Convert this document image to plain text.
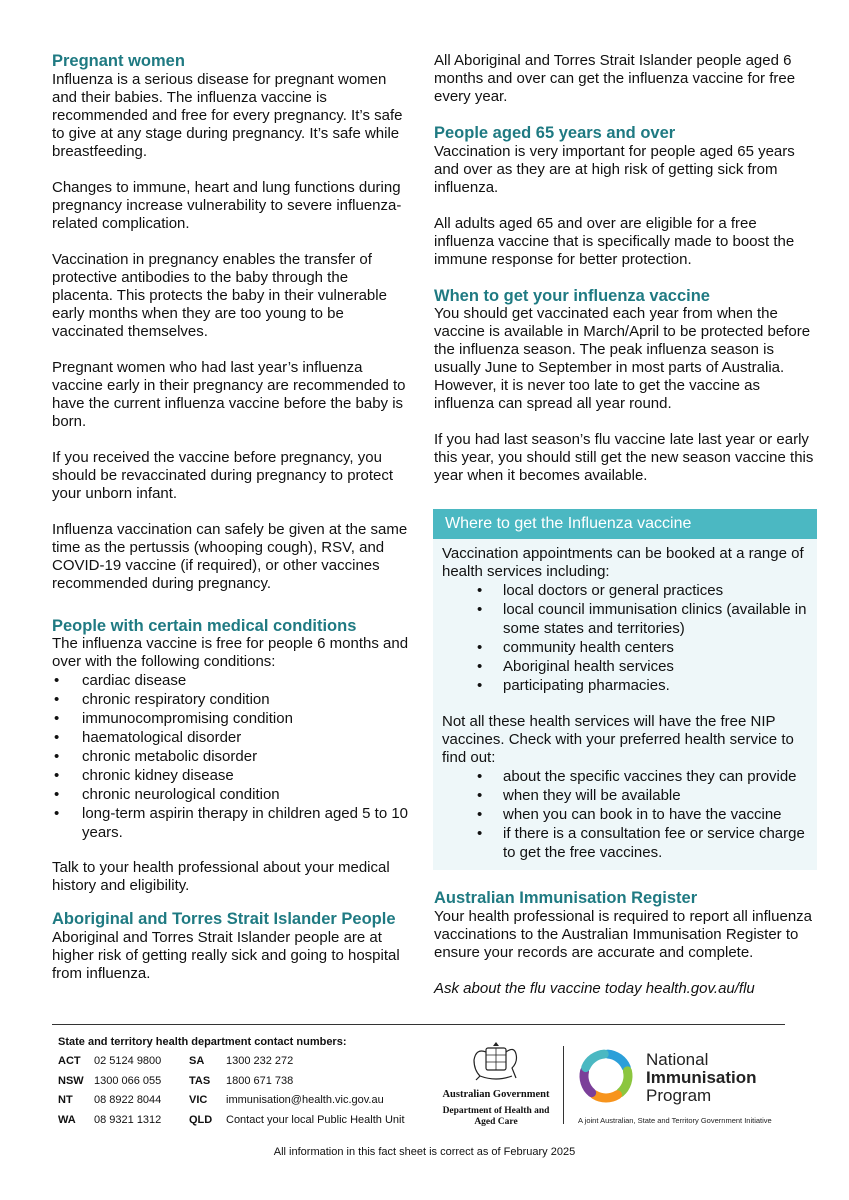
Pregnant women

Influenza is a serious disease for pregnant women and their babies. The influenza vaccine is recommended and free for every pregnancy. It’s safe to give at any stage during pregnancy. It’s safe while breastfeeding.

Changes to immune, heart and lung functions during pregnancy increase vulnerability to severe influenza-related complication.

Vaccination in pregnancy enables the transfer of protective antibodies to the baby through the placenta. This protects the baby in their vulnerable early months when they are too young to be vaccinated themselves.

Pregnant women who had last year’s influenza vaccine early in their pregnancy are recommended to have the current influenza vaccine before the baby is born.

If you received the vaccine before pregnancy, you should be revaccinated during pregnancy to protect your unborn infant.

Influenza vaccination can safely be given at the same time as the pertussis (whooping cough), RSV, and COVID-19 vaccine (if required), or other vaccines recommended during pregnancy.

People with certain medical conditions

The influenza vaccine is free for people 6 months and over with the following conditions:

• cardiac disease
• chronic respiratory condition
• immunocompromising condition
• haematological disorder
• chronic metabolic disorder
• chronic kidney disease
• chronic neurological condition
• long-term aspirin therapy in children aged 5 to 10 years.

Talk to your health professional about your medical history and eligibility.

Aboriginal and Torres Strait Islander People

Aboriginal and Torres Strait Islander people are at higher risk of getting really sick and going to hospital from influenza.

All Aboriginal and Torres Strait Islander people aged 6 months and over can get the influenza vaccine for free every year.

People aged 65 years and over

Vaccination is very important for people aged 65 years and over as they are at high risk of getting sick from influenza.

All adults aged 65 and over are eligible for a free influenza vaccine that is specifically made to boost the immune response for better protection.

When to get your influenza vaccine

You should get vaccinated each year from when the vaccine is available in March/April to be protected before the influenza season. The peak influenza season is usually June to September in most parts of Australia. However, it is never too late to get the vaccine as influenza can spread all year round.

If you had last season’s flu vaccine late last year or early this year, you should still get the new season vaccine this year when it becomes available.

Where to get the Influenza vaccine

Vaccination appointments can be booked at a range of health services including:

• local doctors or general practices
• local council immunisation clinics (available in some states and territories)
• community health centers
• Aboriginal health services
• participating pharmacies.

Not all these health services will have the free NIP vaccines. Check with your preferred health service to find out:

• about the specific vaccines they can provide
• when they will be available
• when you can book in to have the vaccine
• if there is a consultation fee or service charge to get the free vaccines.
Australian Immunisation Register

Your health professional is required to report all influenza vaccinations to the Australian Immunisation Register to ensure your records are accurate and complete.

Ask about the flu vaccine today health.gov.au/flu

State and territory health department contact numbers:
ACT	02 5124 9800	SA	1300 232 272
NSW	1300 066 055	TAS	1800 671 738
NT	08 8922 8044	VIC	immunisation@health.vic.gov.au
WA	08 9321 1312	QLD	Contact your local Public Health Unit
Australian Government
Department of Health and Aged Care
National
Immunisation
Program
A joint Australian, State and Territory Government Initiative
All information in this fact sheet is correct as of February 2025
